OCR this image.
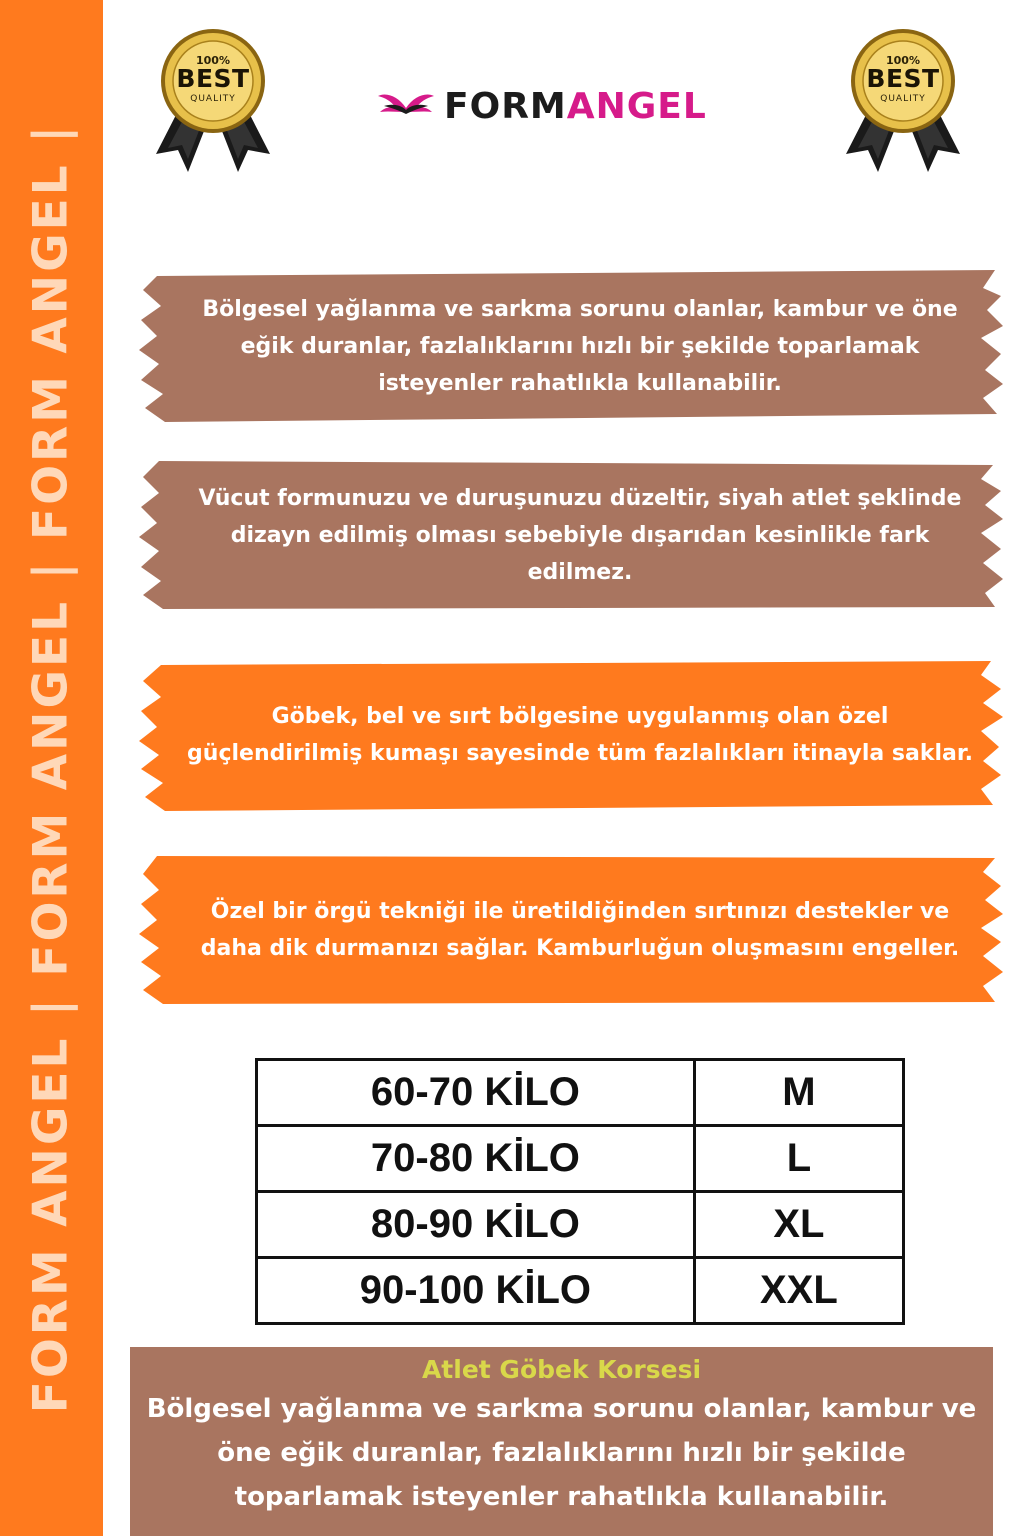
FORM ANGEL | FORM ANGEL | FORM ANGEL |
100%
BEST
QUALITY
100%
BEST
QUALITY
FORMANGEL
Bölgesel yağlanma ve sarkma sorunu olanlar, kambur ve öne eğik duranlar, fazlalıklarını hızlı bir şekilde toparlamak isteyenler rahatlıkla kullanabilir.
Vücut formunuzu ve duruşunuzu düzeltir, siyah atlet şeklinde dizayn edilmiş olması sebebiyle dışarıdan kesinlikle fark edilmez.
Göbek, bel ve sırt bölgesine uygulanmış olan özel güçlendirilmiş kumaşı sayesinde tüm fazlalıkları itinayla saklar.
Özel bir örgü tekniği ile üretildiğinden sırtınızı destekler ve daha dik durmanızı sağlar. Kamburluğun oluşmasını engeller.
60-70 KİLO	M
70-80 KİLO	L
80-90 KİLO	XL
90-100 KİLO	XXL
Atlet Göbek Korsesi
Bölgesel yağlanma ve sarkma sorunu olanlar, kambur ve öne eğik duranlar, fazlalıklarını hızlı bir şekilde toparlamak isteyenler rahatlıkla kullanabilir.
